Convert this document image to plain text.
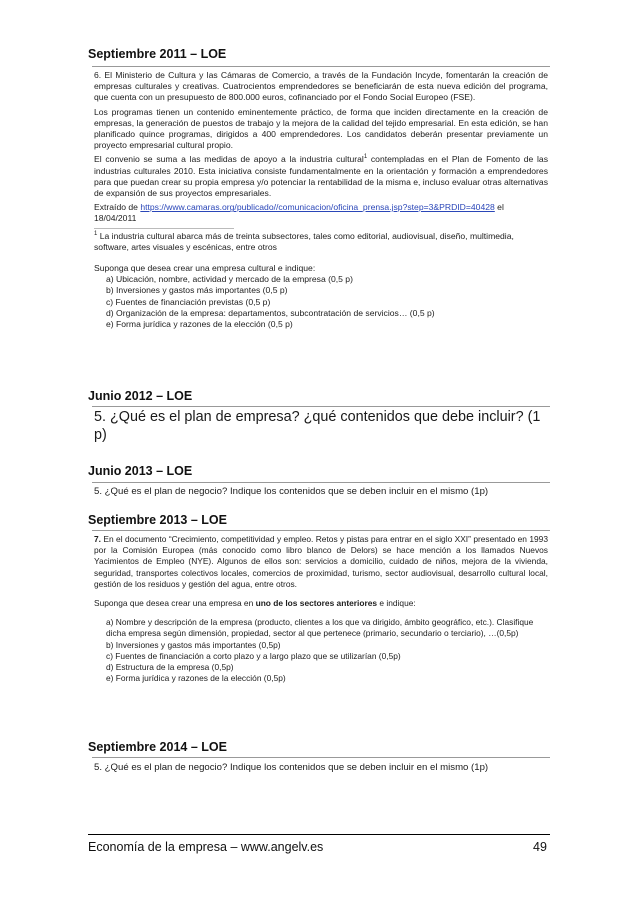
Septiembre 2011 – LOE

6. El Ministerio de Cultura y las Cámaras de Comercio, a través de la Fundación Incyde, fomentarán la creación de empresas culturales y creativas. Cuatrocientos emprendedores se beneficiarán de esta nueva edición del programa, que cuenta con un presupuesto de 800.000 euros, cofinanciado por el Fondo Social Europeo (FSE).

Los programas tienen un contenido eminentemente práctico, de forma que inciden directamente en la creación de empresas, la generación de puestos de trabajo y la mejora de la calidad del tejido empresarial. En esta edición, se han planificado quince programas, dirigidos a 400 emprendedores. Los candidatos deberán presentar previamente un proyecto empresarial cultural propio.

El convenio se suma a las medidas de apoyo a la industria cultural$^1$ contempladas en el Plan de Fomento de las industrias culturales 2010. Esta iniciativa consiste fundamentalmente en la orientación y formación a emprendedores para que puedan crear su propia empresa y/o potenciar la rentabilidad de la misma e, incluso evaluar otras alternativas de expansión de sus proyectos empresariales.

Extraído de https://www.camaras.org/publicado//comunicacion/oficina_prensa.jsp?step=3&PRDID=40428 el 18/04/2011

$^1$ La industria cultural abarca más de treinta subsectores, tales como editorial, audiovisual, diseño, multimedia, software, artes visuales y escénicas, entre otros

Suponga que desea crear una empresa cultural e indique:

a) Ubicación, nombre, actividad y mercado de la empresa (0,5 p)
b) Inversiones y gastos más importantes (0,5 p)
c) Fuentes de financiación previstas (0,5 p)
d) Organización de la empresa: departamentos, subcontratación de servicios… (0,5 p)
e) Forma jurídica y razones de la elección (0,5 p)
Junio 2012 – LOE
5. ¿Qué es el plan de empresa? ¿qué contenidos que debe incluir? (1 p)
Junio 2013 – LOE
5. ¿Qué es el plan de negocio? Indique los contenidos que se deben incluir en el mismo (1p)
Septiembre 2013 – LOE

7. En el documento “Crecimiento, competitividad y empleo. Retos y pistas para entrar en el siglo XXI” presentado en 1993 por la Comisión Europea (más conocido como libro blanco de Delors) se hace mención a los llamados Nuevos Yacimientos de Empleo (NYE). Algunos de ellos son: servicios a domicilio, cuidado de niños, mejora de la vivienda, seguridad, transportes colectivos locales, comercios de proximidad, turismo, sector audiovisual, desarrollo cultural local, gestión de los residuos y gestión del agua, entre otros.

Suponga que desea crear una empresa en uno de los sectores anteriores e indique:

a) Nombre y descripción de la empresa (producto, clientes a los que va dirigido, ámbito geográfico, etc.). Clasifique dicha empresa según dimensión, propiedad, sector al que pertenece (primario, secundario o terciario), …(0,5p)
b) Inversiones y gastos más importantes (0,5p)
c) Fuentes de financiación a corto plazo y a largo plazo que se utilizarían (0,5p)
d) Estructura de la empresa (0,5p)
e) Forma jurídica y razones de la elección (0,5p)
Septiembre 2014 – LOE
5. ¿Qué es el plan de negocio? Indique los contenidos que se deben incluir en el mismo (1p)
Economía de la empresa – www.angelv.es	49
